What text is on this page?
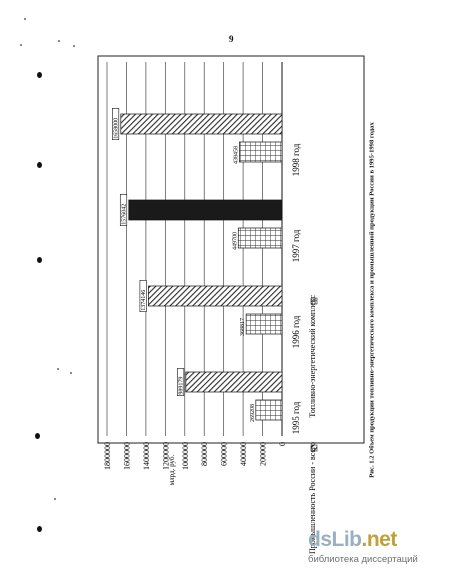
9
0
200000
400000
600000
800000
1000000
1200000
1400000
1600000
1800000
989179
269208
1374146
368817
1576042
449700
1658000
438458
1995 год
1996 год
1997 год
1998 год
млрд. руб.	Промышленность России - всего
Топливно-энергетический комплекс	Рис. 1.2 Объем продукции топливно-энергетического комплекса и промышленной продукции России в 1995-1998 годах
dsLib.net
библиотека диссертаций
